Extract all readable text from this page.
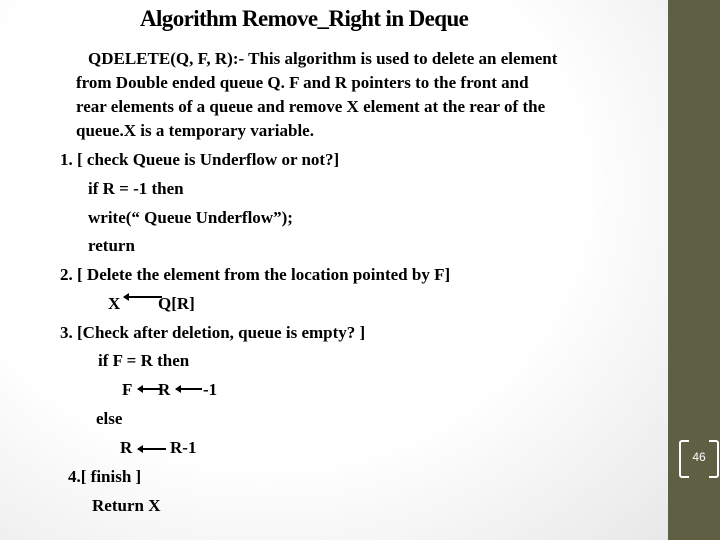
Algorithm Remove_Right in Deque
QDELETE(Q, F, R):- This algorithm is used to delete an element
from Double ended queue Q. F and R pointers to the front and
rear elements of a queue and remove X element at the rear of the
queue.X is a temporary variable.
1. [ check Queue is Underflow or not?]
if R = -1 then
write(“ Queue Underflow”);
return
2. [ Delete the element from the location pointed by F]
X Q[R]
3. [Check after deletion, queue is empty? ]
if F = R then
F R -1
else
R R-1
4.[ finish ]
Return X
46
